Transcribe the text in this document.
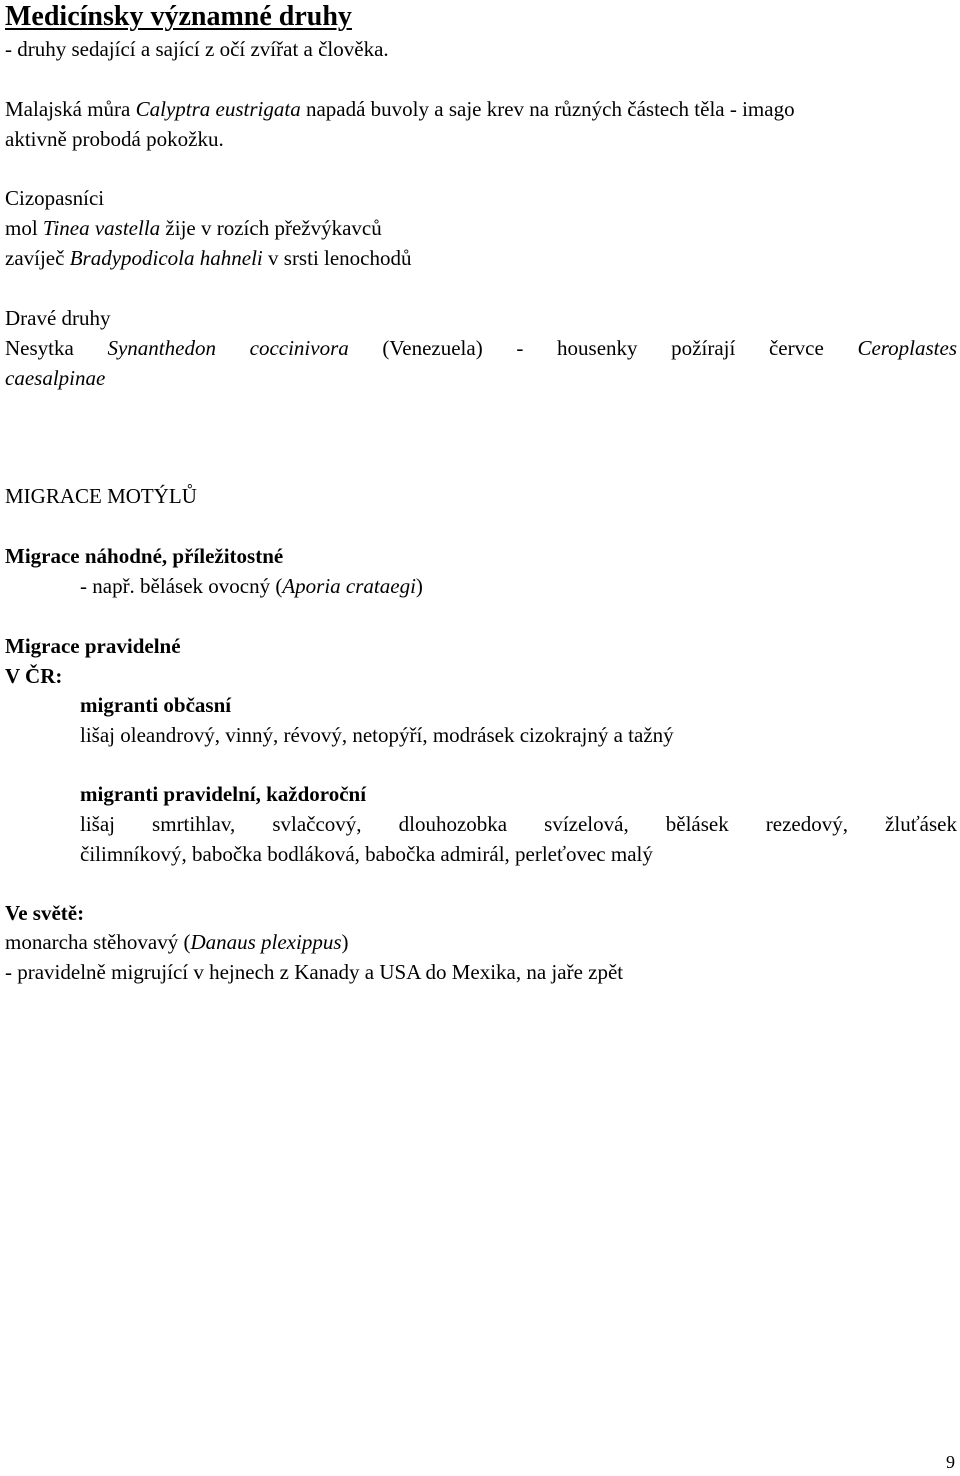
Medicínsky významné druhy
- druhy sedající a sající z očí zvířat a člověka.
Malajská můra Calyptra eustrigata napadá buvoly a saje krev na různých částech těla - imago
aktivně probodá pokožku.
Cizopasníci
mol Tinea vastella žije v rozích přežvýkavců
zavíječ Bradypodicola hahneli v srsti lenochodů
Dravé druhy
Nesytka Synanthedon coccinivora (Venezuela) - housenky požírají červce Ceroplastes
caesalpinae
MIGRACE MOTÝLŮ
Migrace náhodné, příležitostné
- např. bělásek ovocný (Aporia crataegi)
Migrace pravidelné
V ČR:
migranti občasní
lišaj oleandrový, vinný, révový, netopýří, modrásek cizokrajný a tažný
migranti pravidelní, každoroční
lišaj smrtihlav, svlačcový, dlouhozobka svízelová, bělásek rezedový, žluťásek
čilimníkový, babočka bodláková, babočka admirál, perleťovec malý
Ve světě:
monarcha stěhovavý (Danaus plexippus)
- pravidelně migrující v hejnech z Kanady a USA do Mexika, na jaře zpět
9
